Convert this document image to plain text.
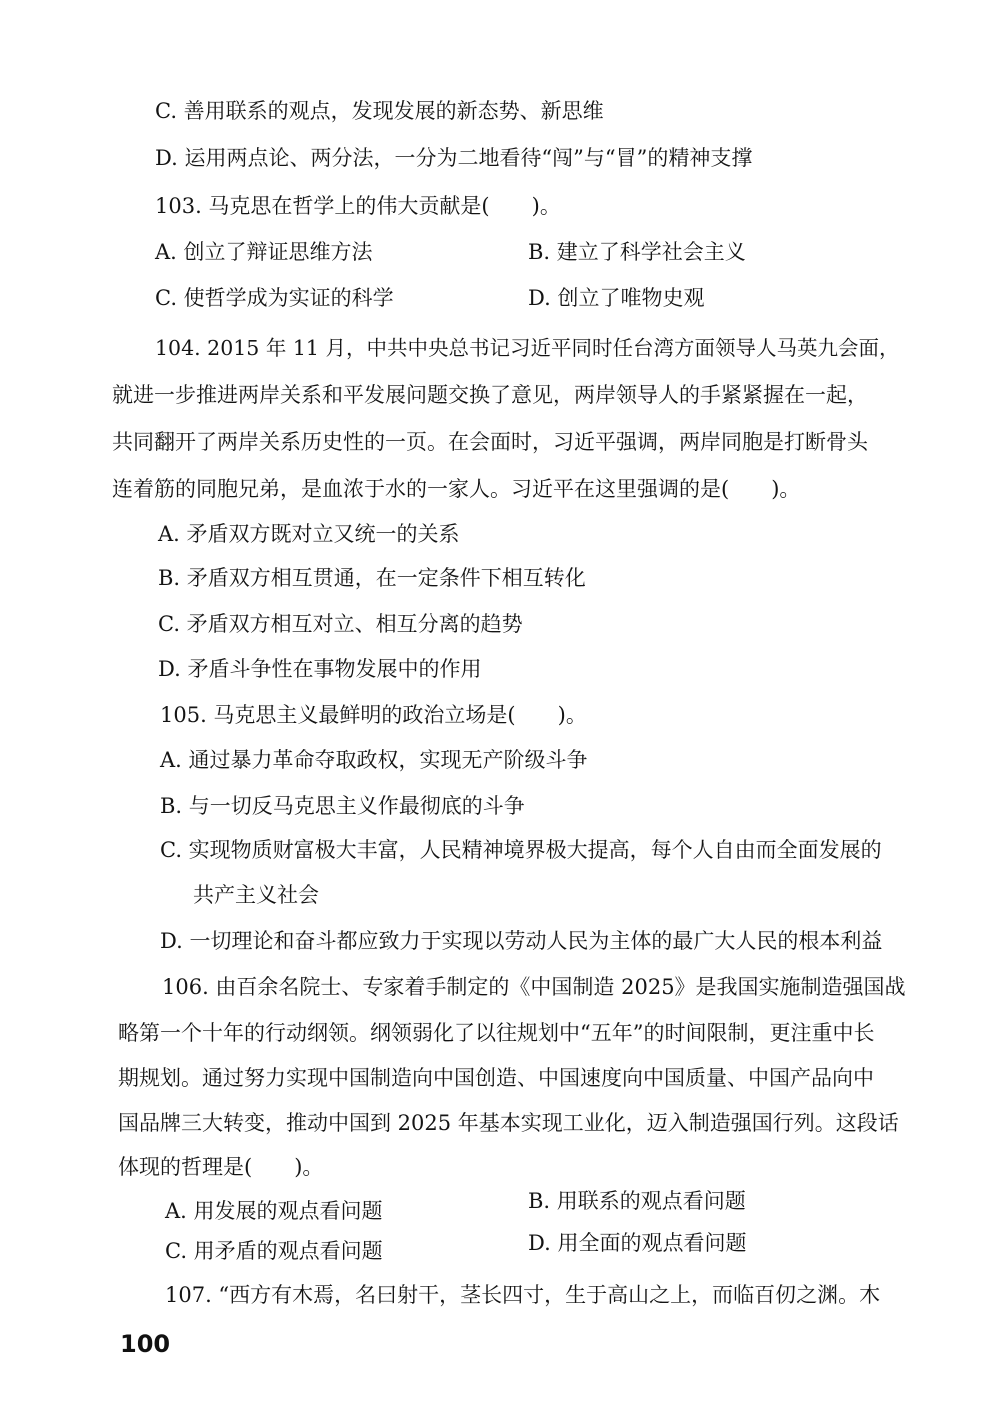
C. 善用联系的观点，发现发展的新态势、新思维
D. 运用两点论、两分法，一分为二地看待“闯”与“冒”的精神支撑
103. 马克思在哲学上的伟大贡献是(　　)。
A. 创立了辩证思维方法	B. 建立了科学社会主义
C. 使哲学成为实证的科学	D. 创立了唯物史观
104. 2015 年 11 月，中共中央总书记习近平同时任台湾方面领导人马英九会面，
就进一步推进两岸关系和平发展问题交换了意见，两岸领导人的手紧紧握在一起，
共同翻开了两岸关系历史性的一页。在会面时，习近平强调，两岸同胞是打断骨头
连着筋的同胞兄弟，是血浓于水的一家人。习近平在这里强调的是(　　)。
A. 矛盾双方既对立又统一的关系
B. 矛盾双方相互贯通，在一定条件下相互转化
C. 矛盾双方相互对立、相互分离的趋势
D. 矛盾斗争性在事物发展中的作用
105. 马克思主义最鲜明的政治立场是(　　)。
A. 通过暴力革命夺取政权，实现无产阶级斗争
B. 与一切反马克思主义作最彻底的斗争
C. 实现物质财富极大丰富，人民精神境界极大提高，每个人自由而全面发展的
共产主义社会
D. 一切理论和奋斗都应致力于实现以劳动人民为主体的最广大人民的根本利益
106. 由百余名院士、专家着手制定的《中国制造 2025》是我国实施制造强国战
略第一个十年的行动纲领。纲领弱化了以往规划中“五年”的时间限制，更注重中长
期规划。通过努力实现中国制造向中国创造、中国速度向中国质量、中国产品向中
国品牌三大转变，推动中国到 2025 年基本实现工业化，迈入制造强国行列。这段话
体现的哲理是(　　)。
A. 用发展的观点看问题	B. 用联系的观点看问题
C. 用矛盾的观点看问题	D. 用全面的观点看问题
107. “西方有木焉，名曰射干，茎长四寸，生于高山之上，而临百仞之渊。木
100
